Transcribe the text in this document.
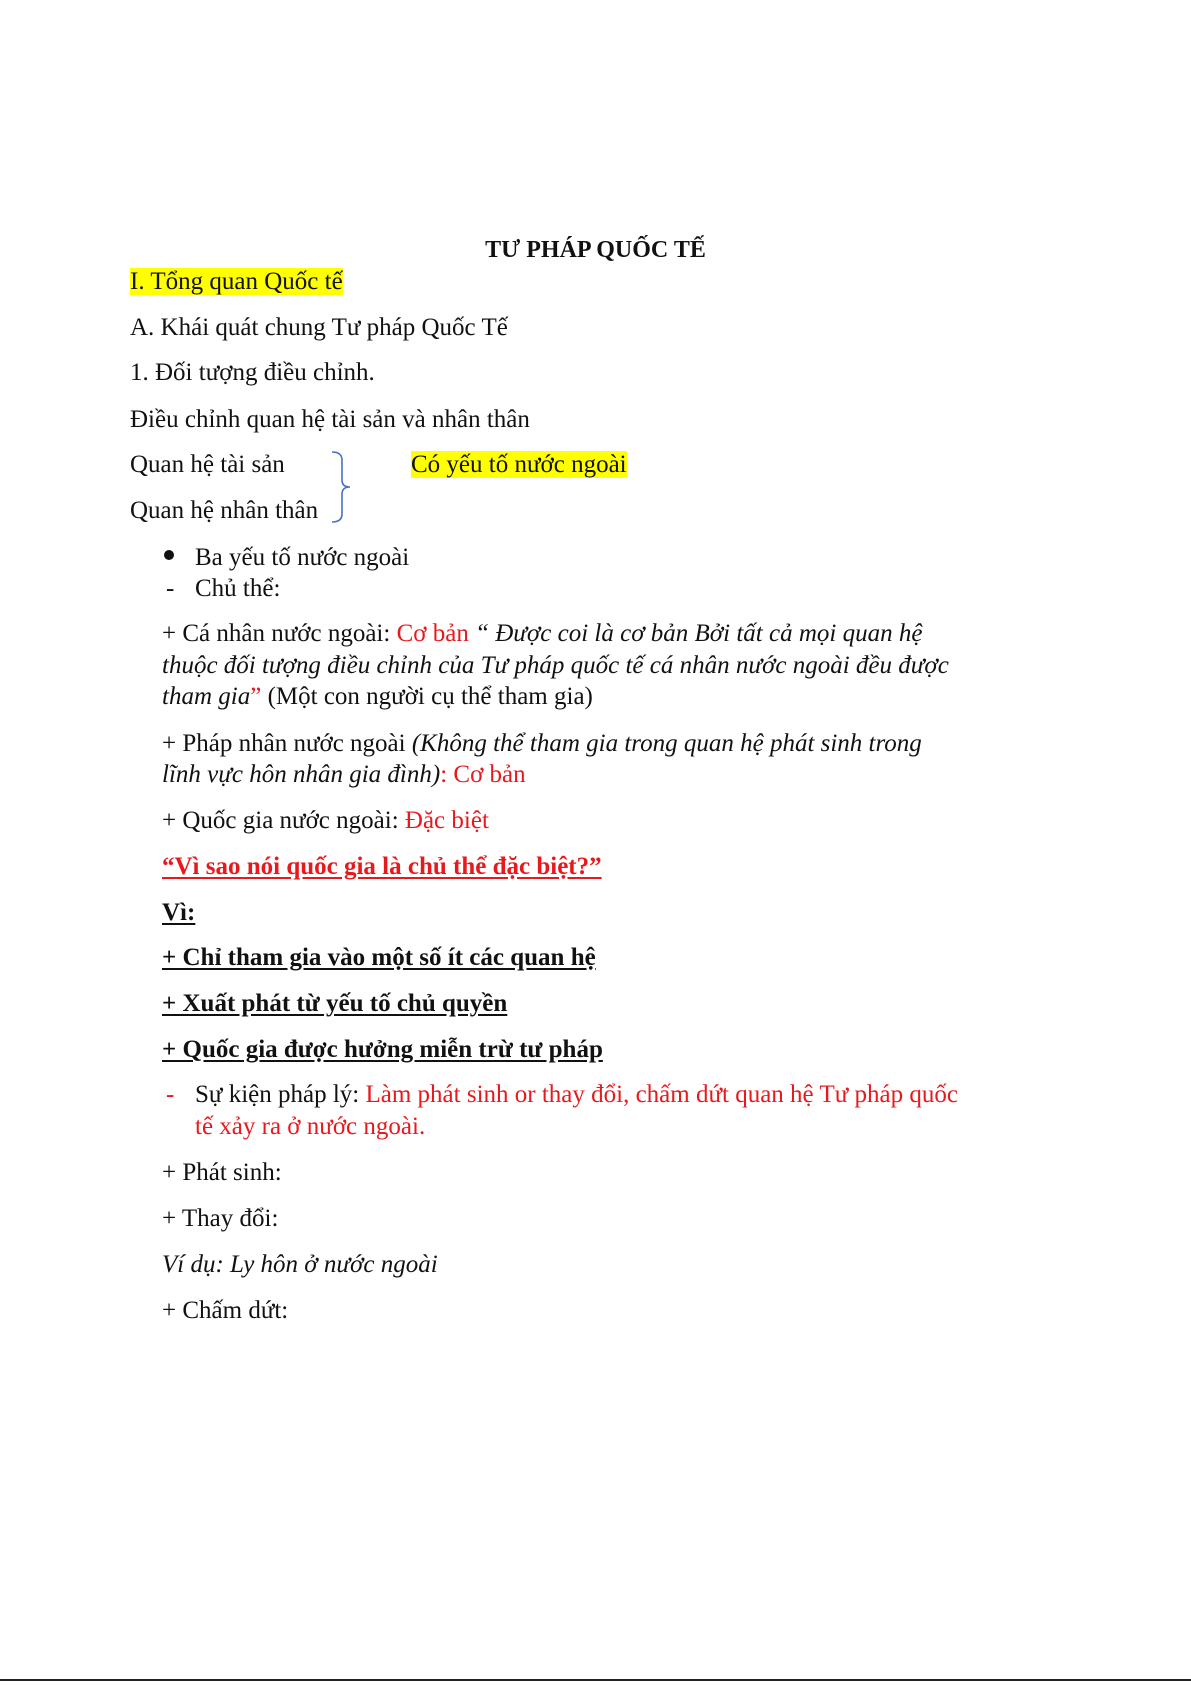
TƯ PHÁP QUỐC TẾ
I. Tổng quan Quốc tế
A. Khái quát chung Tư pháp Quốc Tế
1. Đối tượng điều chỉnh.
Điều chỉnh quan hệ tài sản và nhân thân
Quan hệ tài sản	Có yếu tố nước ngoài
Quan hệ nhân thân
Ba yếu tố nước ngoài
- Chủ thể:
+ Cá nhân nước ngoài: Cơ bản “ Được coi là cơ bản Bởi tất cả mọi quan hệ
thuộc đối tượng điều chỉnh của Tư pháp quốc tế cá nhân nước ngoài đều được
tham gia” (Một con người cụ thể tham gia)
+ Pháp nhân nước ngoài (Không thể tham gia trong quan hệ phát sinh trong
lĩnh vực hôn nhân gia đình): Cơ bản
+ Quốc gia nước ngoài: Đặc biệt
“Vì sao nói quốc gia là chủ thể đặc biệt?”
Vì:
+ Chỉ tham gia vào một số ít các quan hệ
+ Xuất phát từ yếu tố chủ quyền
+ Quốc gia được hưởng miễn trừ tư pháp
- Sự kiện pháp lý: Làm phát sinh or thay đổi, chấm dứt quan hệ Tư pháp quốc
tế xảy ra ở nước ngoài.
+ Phát sinh:
+ Thay đổi:
Ví dụ: Ly hôn ở nước ngoài
+ Chấm dứt:
